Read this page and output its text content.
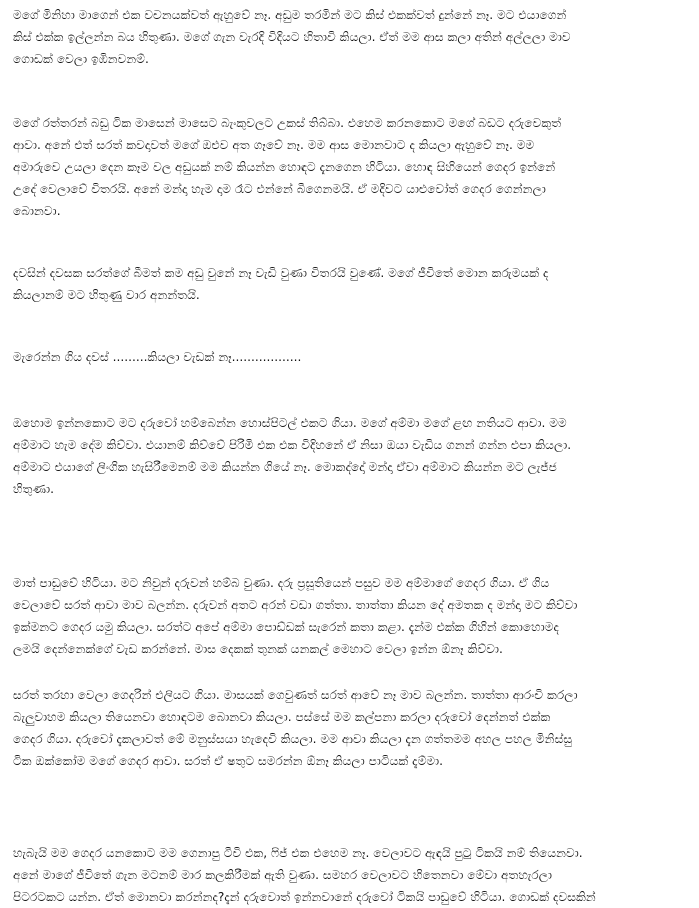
මගේ මිනිහා මාගෙන් එක වචනයක්වත් ඇහුවේ නෑ. අඩුම තරමින් මට කිස් එකක්වත් දුන්නේ නෑ. මට එයාගෙන්
කිස් එක්ක ඉල්ලන්න බය හිතුණා. මගේ ගැන වැරදි විදියට හිතාවි කියලා. ඒත් මම ආස කලා අතින් අල්ලලා මාව
ගොඩක් වෙලා ඉඹිනවනම්.

මගේ රත්තරන් බඩු ටික මාසෙන් මාසෙට බැංකුවලට උකස් තිබ්බා. එහෙම කරනකොට මගේ බඩට දරුවෙකුත්
ආවා. අනේ එත් සරත් කවදාවත් මගේ ඔළුව අත ගෑවේ නෑ. මම ආස මොනවාට ද කියලා ඇහුවේ නෑ. මම
අමාරුවෙ උයලා දෙන කෑම වල අඩුයක් නම් කියන්න හොඳට දැනගෙන හිටියා. හොඳ සිහියෙන් ගෙදර ඉන්නේ
උදේ වෙලාවේ විතරයි. අනේ මන්දා හැම දාම රෑට එන්නේ බීගෙනමයි. ඒ මදිවට යාළුවෝත් ගෙදර ගෙන්නලා
බොනවා.

දවසින් දවසක සරත්ගේ බීමත් කම අඩු වුනේ නෑ වැඩි වුණා විතරයි වුණේ. මගේ ජීවිතේ මොන කරුමයක් ද
කියලානම් මට හිතුණු වාර අනන්තයි.

මැරෙන්න ගිය දවස් .........කියලා වැඩක් නෑ..................

ඔහොම ඉන්නකොට මට දරුවෝ හම්බෙන්න හොස්පිටල් එකට ගියා. මගේ අම්මා මගේ ළඟ නතියට ආවා. මම
අම්මාට හැම දේම කිව්වා. එයානම් කිව්වේ පිරිමි එක එක විදිහනේ ඒ නිසා ඔයා වැඩිය ගනන් ගන්න එපා කියලා.
අම්මාට එයාගේ ලිංගික හැසිරීමෙනම් මම කියන්න ගියේ නෑ. මොකද්දෝ මන්දා ඒවා අම්මාට කියන්න මට ලැජ්ජ
හිතුණා.

මාත් පාඩුවේ හිටියා. මට නිවුන් දරුවන් හම්බ වුණා. දරු ප්‍රසූතියෙන් පසුව මම අම්මාගේ ගෙදර ගියා. ඒ ගිය
වෙලාවේ සරත් ආවා මාව බලන්න. දරුවන් අතට අරන් වඩා ගත්තා. තාත්තා කියන දේ අමතක ද මන්දා මට කිව්වා
ඉක්මනට ගෙදර යමු කියලා. සරත්ට අපේ අම්මා පොඩ්ඩක් සැරෙන් කතා කළා. දැන්ම එක්ක ගිහින් කොහොමද
ලමයි දෙන්නෙක්ගේ වැඩ කරන්නේ. මාස දෙකක් තුනක් යනකල් මෙහාට වෙලා ඉන්න ඕනෑ කිව්වා.

සරත් තරහා වෙලා ගෙදරින් එලියට ගියා. මාසයක් ගෙවුණත් සරත් ආවේ නෑ මාව බලන්න. තාත්තා ආරංචි කරලා
බැලුවාහම කියලා තියෙනවා හොඳටම බොනවා කියලා. පස්සේ මම කල්පනා කරලා දරුවෝ දෙන්නත් එක්ක
ගෙදර ගියා. දරුවෝ දැකලාවත් මේ මනුස්සයා හැදෙවි කියලා. මම ආවා කියලා දැන ගත්තමම අහල පහල මිනිස්සු
ටික ඔක්කෝම මගේ ගෙදර ආවා. සරත් ඒ ෂතුට සමරන්න ඕනෑ කියලා පාටියක් දැම්මා.

හැබැයි මම ගෙදර යනකොට මම ගෙනාපු ටීවි එක, ෆිජ් එක එහෙම නෑ. වෙලාවට ඇඳයි පුටු ටිකයි නම් තියෙනවා.
අනේ මාගේ ජීවිතේ ගැන මටනම් මාර කලකිරීමක් ඇති වුණා. සමහර වෙලාවට හිතෙනවා මේවා අතහැරලා
පිටරටකට යන්න. ඒත් මොනවා කරන්නද?දැන් දරුවොත් ඉන්නවානේ දරුවෝ ටිකයි පාඩුවේ හිටියා. ගොඩක් දවසකින්
